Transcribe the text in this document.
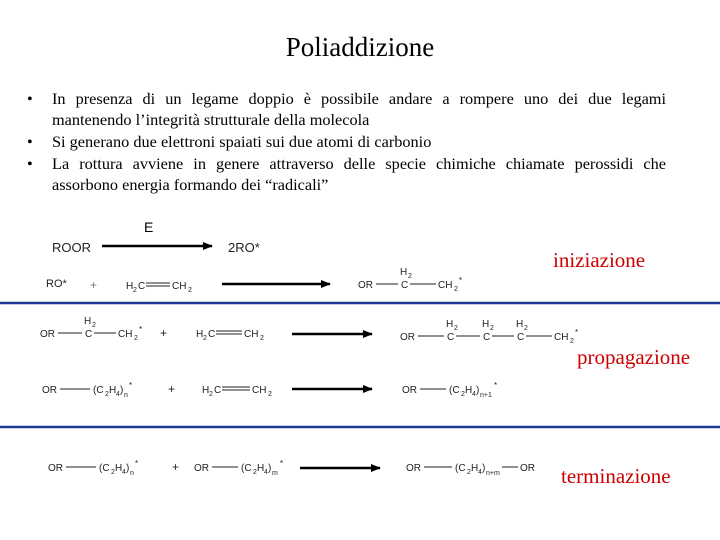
Poliaddizione
• In presenza di un legame doppio è possibile andare a rompere uno dei due legami mantenendo l’integrità strutturale della molecola
• Si generano due elettroni spaiati sui due atomi di carbonio
• La rottura avviene in genere attraverso delle specie chimiche chiamate perossidi che assorbono energia formando dei “radicali”
E
ROOR	2RO*
RO* +	H 2 C	CH 2	OR
H 2
C	CH 2
*
OR
H 2
C	CH 2
* +	H 2 C	CH 2	OR
H 2
C
H 2
C
H 2
C	CH 2
*
OR	(C 2 H 4 ) n
*	+	H 2 C	CH 2	OR	(C 2 H 4 ) n+1
*
OR	(C 2 H 4 ) n
*	+ OR	(C 2 H 4 ) m
*	OR	(C 2 H 4 ) n+m OR
iniziazione
propagazione
terminazione
